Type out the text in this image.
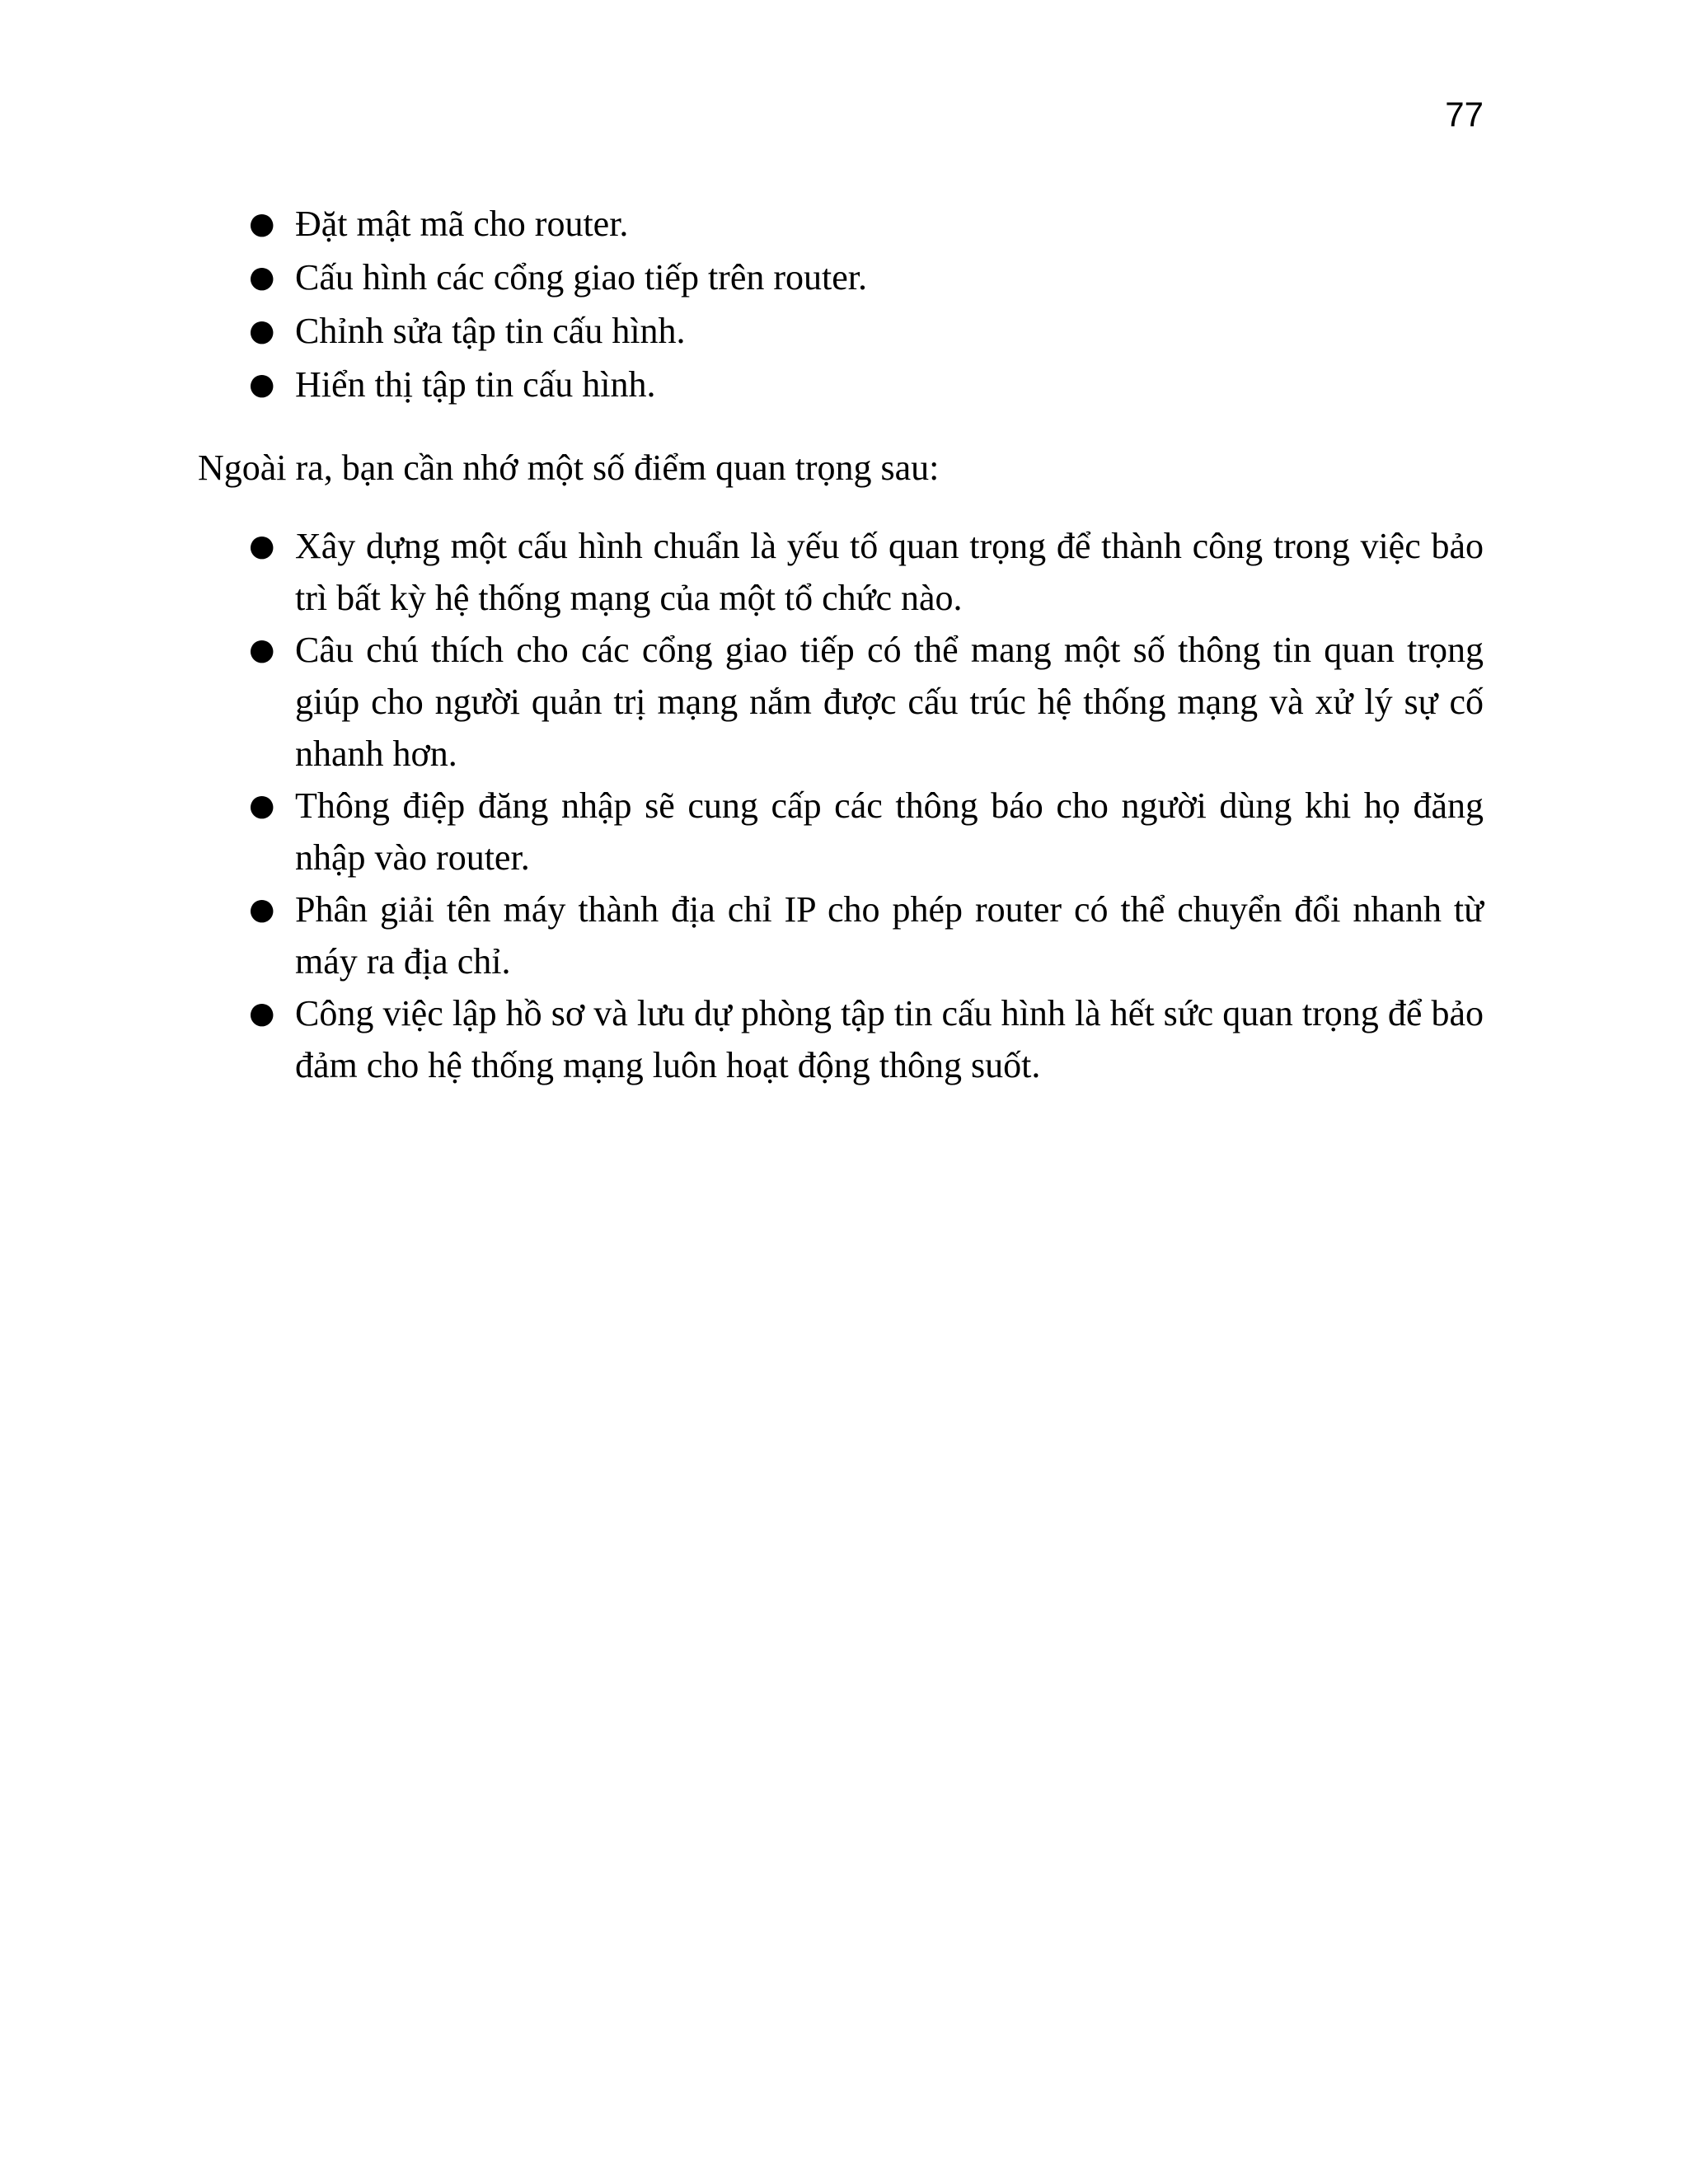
77
● Đặt mật mã cho router.
● Cấu hình các cổng giao tiếp trên router.
● Chỉnh sửa tập tin cấu hình.
● Hiển thị tập tin cấu hình.

Ngoài ra, bạn cần nhớ một số điểm quan trọng sau:

● Xây dựng một cấu hình chuẩn là yếu tố quan trọng để thành công trong việc bảo trì bất kỳ hệ thống mạng của một tổ chức nào.
● Câu chú thích cho các cổng giao tiếp có thể mang một số thông tin quan trọng giúp cho người quản trị mạng nắm được cấu trúc hệ thống mạng và xử lý sự cố nhanh hơn.
● Thông điệp đăng nhập sẽ cung cấp các thông báo cho người dùng khi họ đăng nhập vào router.
● Phân giải tên máy thành địa chỉ IP cho phép router có thể chuyển đổi nhanh từ máy ra địa chỉ.
● Công việc lập hồ sơ và lưu dự phòng tập tin cấu hình là hết sức quan trọng để bảo đảm cho hệ thống mạng luôn hoạt động thông suốt.
